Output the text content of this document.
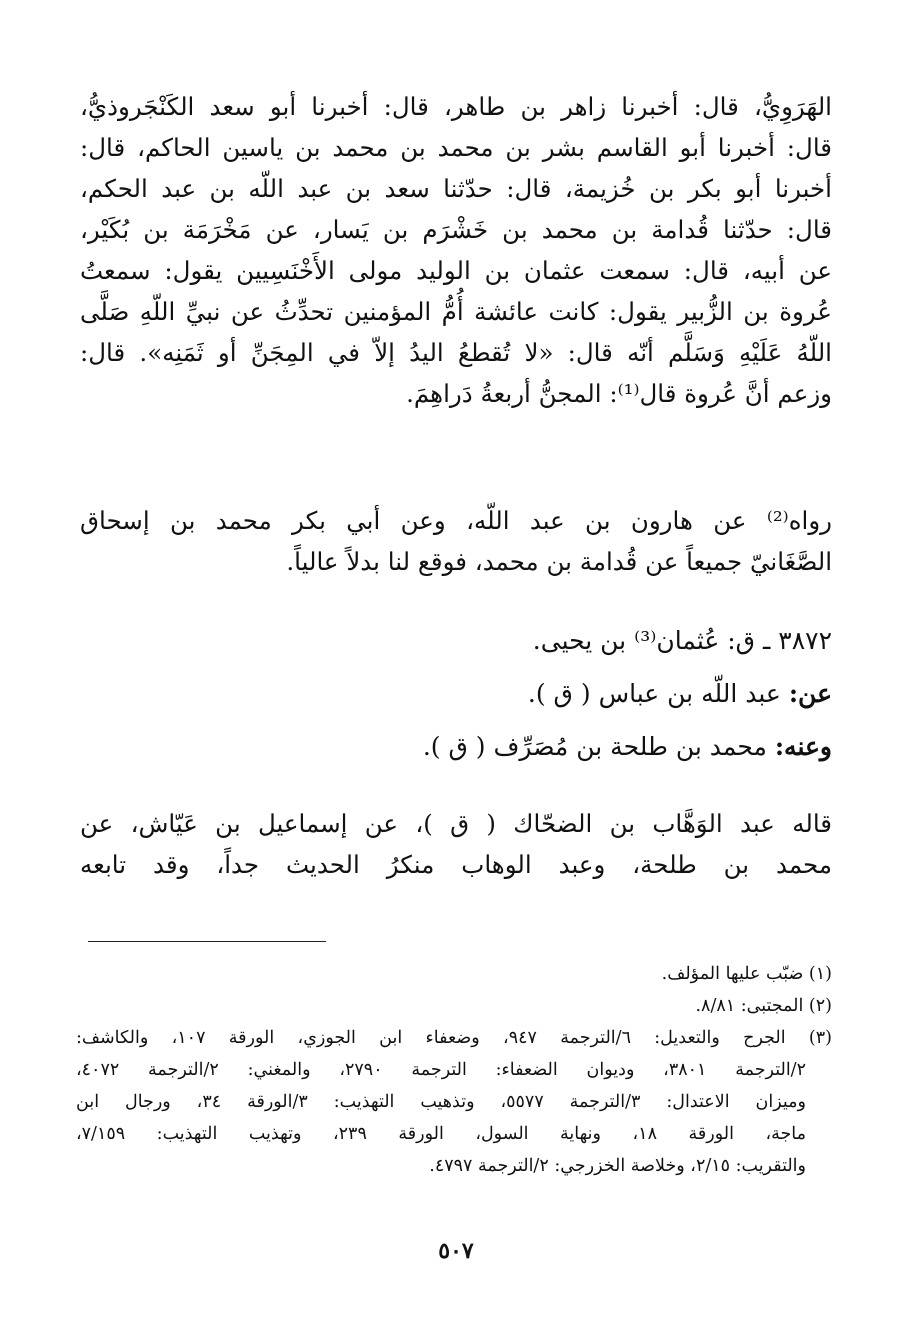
الهَرَوِيُّ، قال: أخبرنا زاهر بن طاهر، قال: أخبرنا أبو سعد الكَنْجَروذيُّ،

قال: أخبرنا أبو القاسم بشر بن محمد بن محمد بن ياسين الحاكم، قال:

أخبرنا أبو بكر بن خُزيمة، قال: حدّثنا سعد بن عبد اللّه بن عبد الحكم،

قال: حدّثنا قُدامة بن محمد بن خَشْرَم بن يَسار، عن مَخْرَمَة بن بُكَيْر،

عن أبيه، قال: سمعت عثمان بن الوليد مولى الأَخْنَسِيين يقول: سمعتُ

عُروة بن الزُّبير يقول: كانت عائشة أُمُّ المؤمنين تحدِّثُ عن نبيِّ اللّهِ صَلَّى

اللّهُ عَلَيْهِ وَسَلَّم أنّه قال: «لا تُقطعُ اليدُ إلاّ في المِجَنِّ أو ثَمَنِه». قال:

وزعم أنَّ عُروة قال⁽¹⁾: المجنُّ أربعةُ دَراهِمَ.

رواه⁽²⁾ عن هارون بن عبد اللّه، وعن أبي بكر محمد بن إسحاق

الصَّغَانيّ جميعاً عن قُدامة بن محمد، فوقع لنا بدلاً عالياً.

٣٨٧٢ ـ ق: عُثمان⁽³⁾ بن يحيى.

عن: عبد اللّه بن عباس ( ق ).

وعنه: محمد بن طلحة بن مُصَرِّف ( ق ).

قاله عبد الوَهَّاب بن الضحّاك ( ق )، عن إسماعيل بن عَيّاش، عن

محمد بن طلحة، وعبد الوهاب منكرُ الحديث جداً، وقد تابعه

(١) ضبّب عليها المؤلف.

(٢) المجتبى: ٨/٨١.

(٣) الجرح والتعديل: ٦/الترجمة ٩٤٧، وضعفاء ابن الجوزي، الورقة ١٠٧، والكاشف:

٢/الترجمة ٣٨٠١، وديوان الضعفاء: الترجمة ٢٧٩٠، والمغني: ٢/الترجمة ٤٠٧٢،

وميزان الاعتدال: ٣/الترجمة ٥٥٧٧، وتذهيب التهذيب: ٣/الورقة ٣٤، ورجال ابن

ماجة، الورقة ١٨، ونهاية السول، الورقة ٢٣٩، وتهذيب التهذيب: ٧/١٥٩،

والتقريب: ٢/١٥، وخلاصة الخزرجي: ٢/الترجمة ٤٧٩٧.

٥٠٧
